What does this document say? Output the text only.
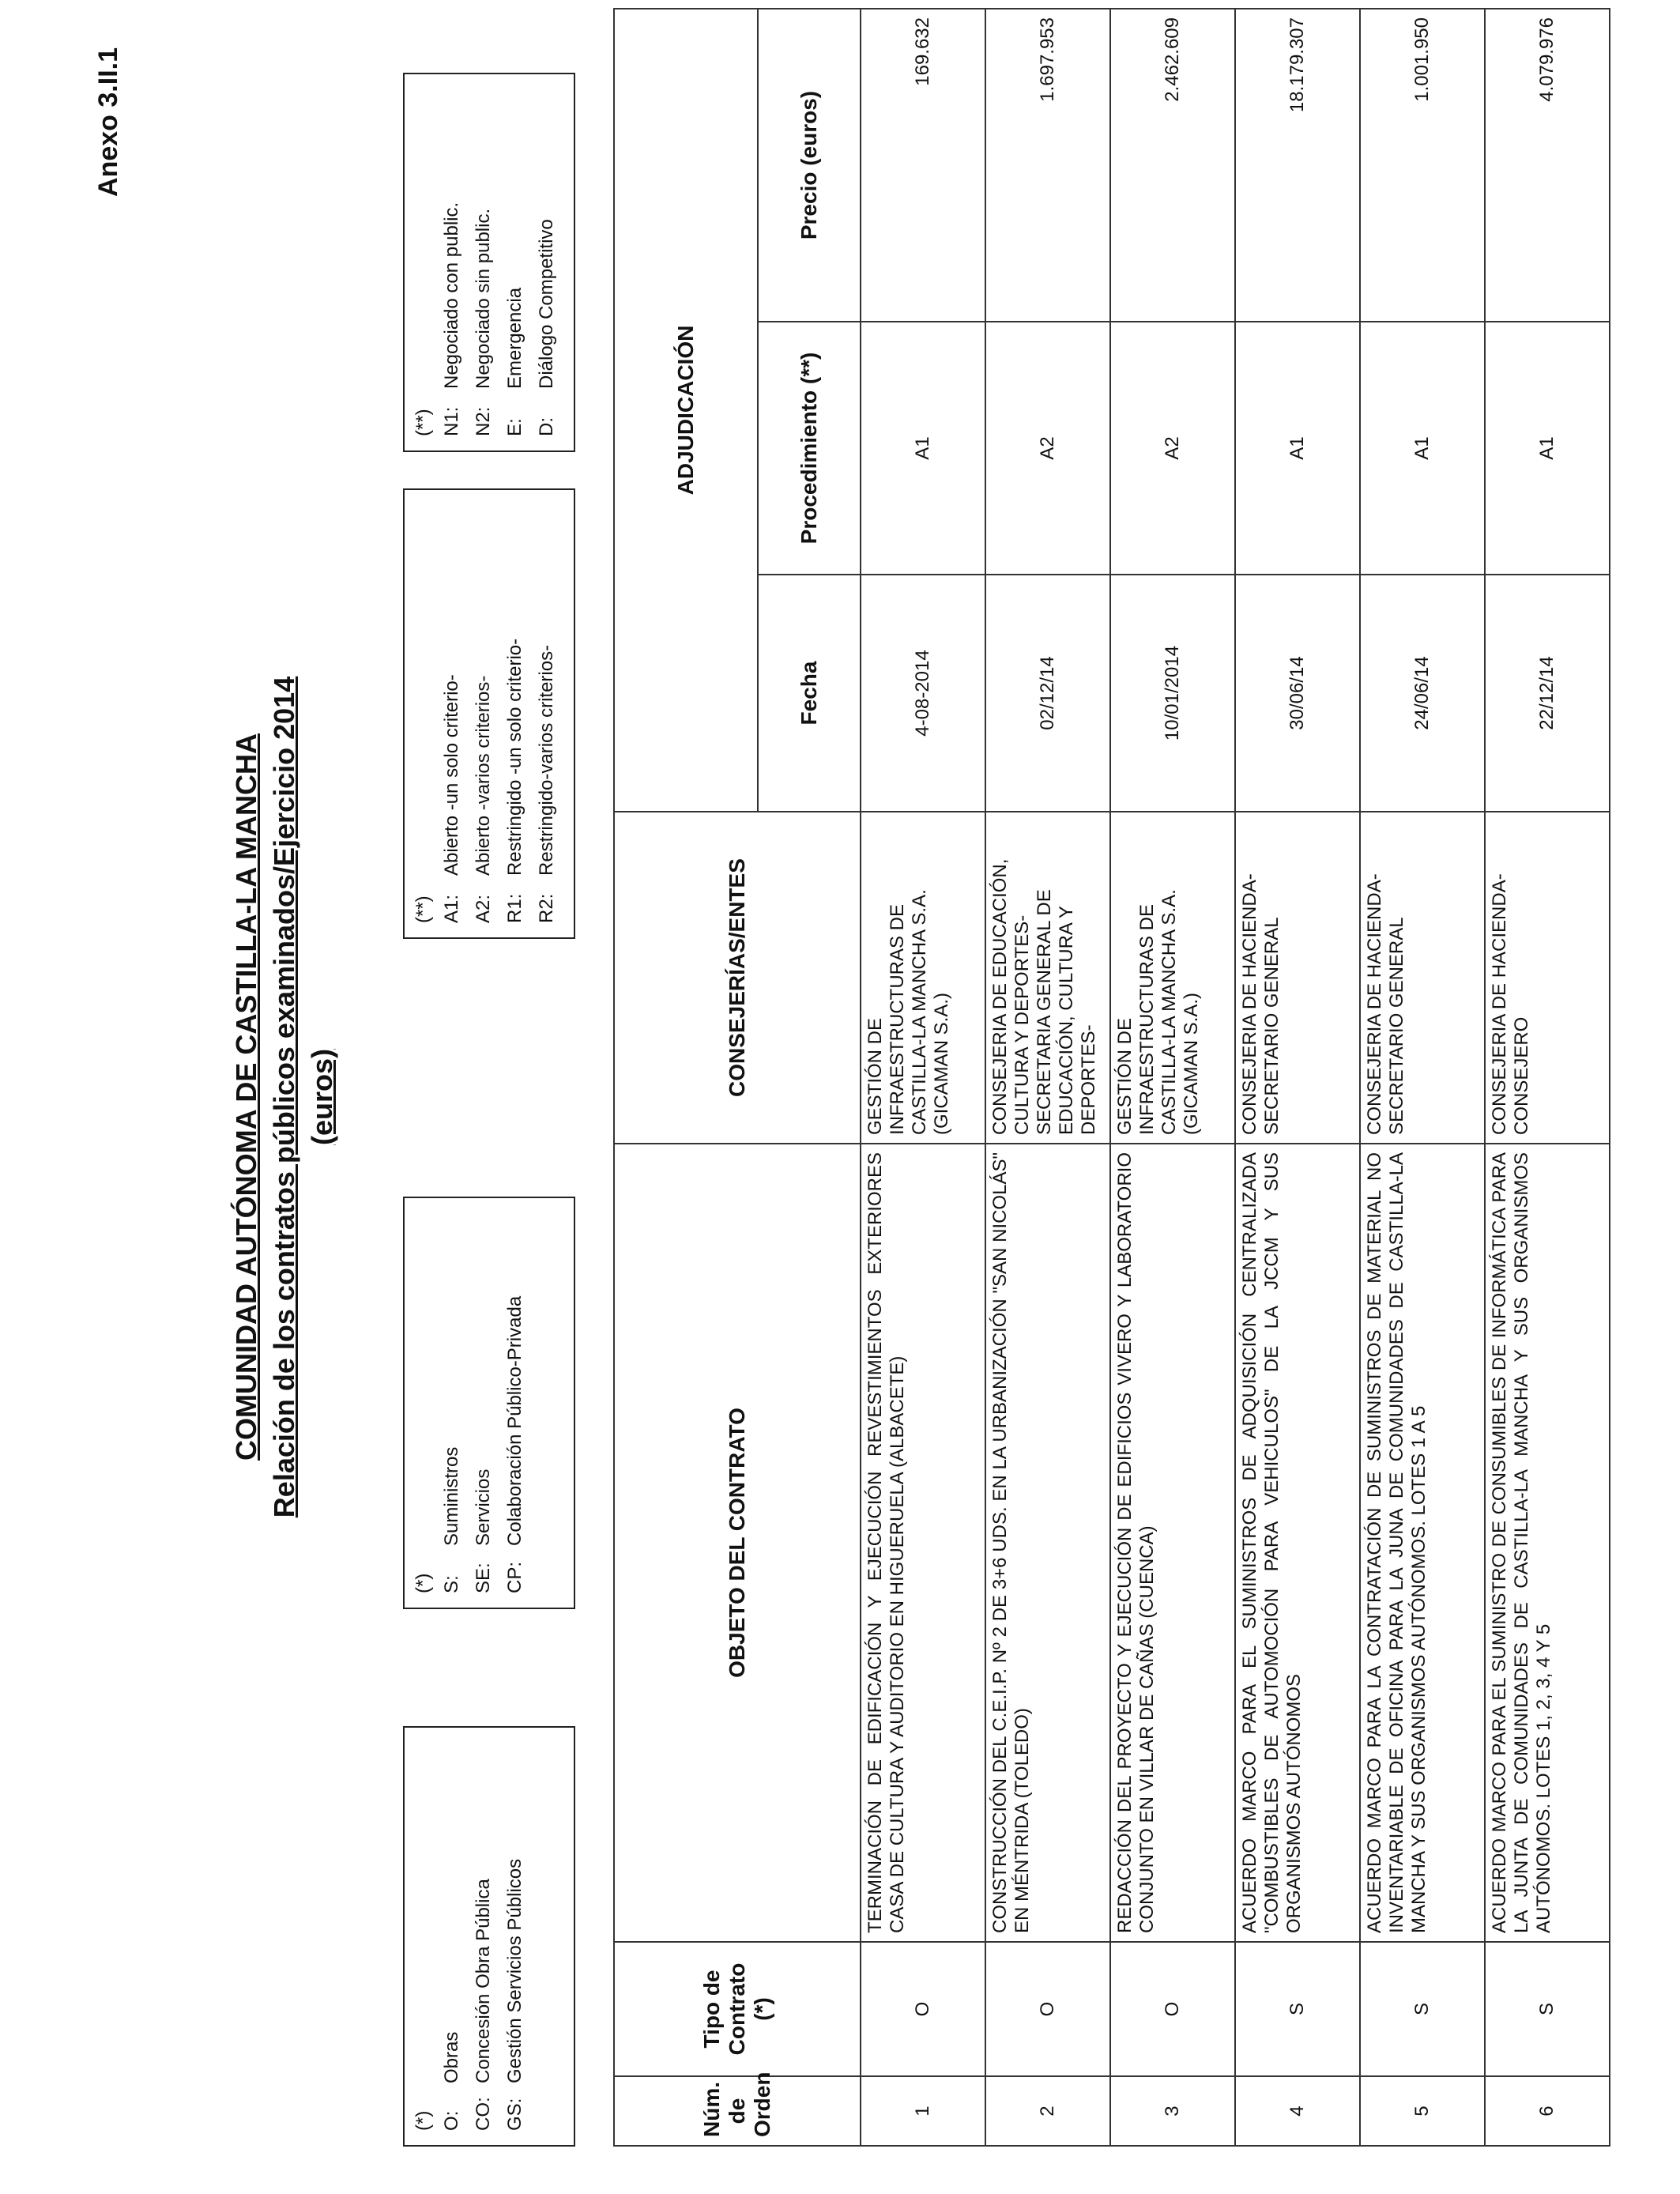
Anexo 3.II.1
COMUNIDAD AUTÓNOMA DE CASTILLA-LA MANCHA Relación de los contratos públicos examinados/Ejercicio 2014 (euros)
(*) O:Obras
CO:Concesión Obra Pública
GS:Gestión Servicios Públicos
(*) S:Suministros
SE:Servicios
CP:Colaboración Público-Privada
(**) A1:Abierto -un solo criterio-
A2:Abierto -varios criterios-
R1:Restringido -un solo criterio-
R2:Restringido-varios criterios-
(**) N1:Negociado con public.
N2:Negociado sin public.
E:Emergencia
D:Diálogo Competitivo
Núm. de Orden	Tipo de Contrato (*)	OBJETO DEL CONTRATO	CONSEJERÍAS/ENTES	ADJUDICACIÓN		
				Fecha	Procedimiento (**)	Precio (euros)
1	O	TERMINACIÓN DE EDIFICACIÓN Y EJECUCIÓN REVESTIMIENTOS EXTERIORES CASA DE CULTURA Y AUDITORIO EN HIGUERUELA (ALBACETE)	GESTIÓN DE INFRAESTRUCTURAS DE CASTILLA-LA MANCHA S.A. (GICAMAN S.A.)	4-08-2014	A1	169.632
2	O	CONSTRUCCIÓN DEL C.E.I.P. Nº 2 DE 3+6 UDS. EN LA URBANIZACIÓN "SAN NICOLÁS" EN MÉNTRIDA (TOLEDO)	CONSEJERIA DE EDUCACIÓN, CULTURA Y DEPORTES-SECRETARIA GENERAL DE EDUCACIÓN, CULTURA Y DEPORTES-	02/12/14	A2	1.697.953
3	O	REDACCIÓN DEL PROYECTO Y EJECUCIÓN DE EDIFICIOS VIVERO Y LABORATORIO CONJUNTO EN VILLAR DE CAÑAS (CUENCA)	GESTIÓN DE INFRAESTRUCTURAS DE CASTILLA-LA MANCHA S.A. (GICAMAN S.A.)	10/01/2014	A2	2.462.609
4	S	ACUERDO MARCO PARA EL SUMINISTROS DE ADQUISICIÓN CENTRALIZADA "COMBUSTIBLES DE AUTOMOCIÓN PARA VEHICULOS" DE LA JCCM Y SUS ORGANISMOS AUTÓNOMOS	CONSEJERIA DE HACIENDA-SECRETARIO GENERAL	30/06/14	A1	18.179.307
5	S	ACUERDO MARCO PARA LA CONTRATACIÓN DE SUMINISTROS DE MATERIAL NO INVENTARIABLE DE OFICINA PARA LA JUNA DE COMUNIDADES DE CASTILLA-LA MANCHA Y SUS ORGANISMOS AUTÓNOMOS. LOTES 1 A 5	CONSEJERIA DE HACIENDA-SECRETARIO GENERAL	24/06/14	A1	1.001.950
6	S	ACUERDO MARCO PARA EL SUMINISTRO DE CONSUMIBLES DE INFORMÁTICA PARA LA JUNTA DE COMUNIDADES DE CASTILLA-LA MANCHA Y SUS ORGANISMOS AUTÓNOMOS. LOTES 1, 2, 3, 4 Y 5	CONSEJERIA DE HACIENDA-CONSEJERO	22/12/14	A1	4.079.976
